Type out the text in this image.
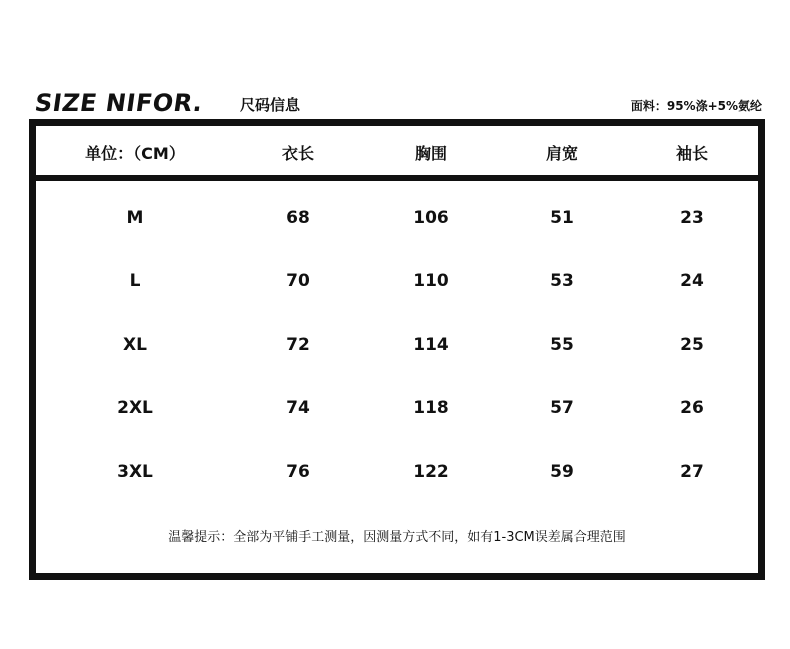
SIZE NIFOR. 尺码信息	面料：95%涤+5%氨纶
单位：（CM）	衣长	胸围	肩宽	袖长
M	68	106	51	23
L	70	110	53	24
XL	72	114	55	25
2XL	74	118	57	26
3XL	76	122	59	27
温馨提示：全部为平铺手工测量，因测量方式不同，如有1-3CM误差属合理范围
